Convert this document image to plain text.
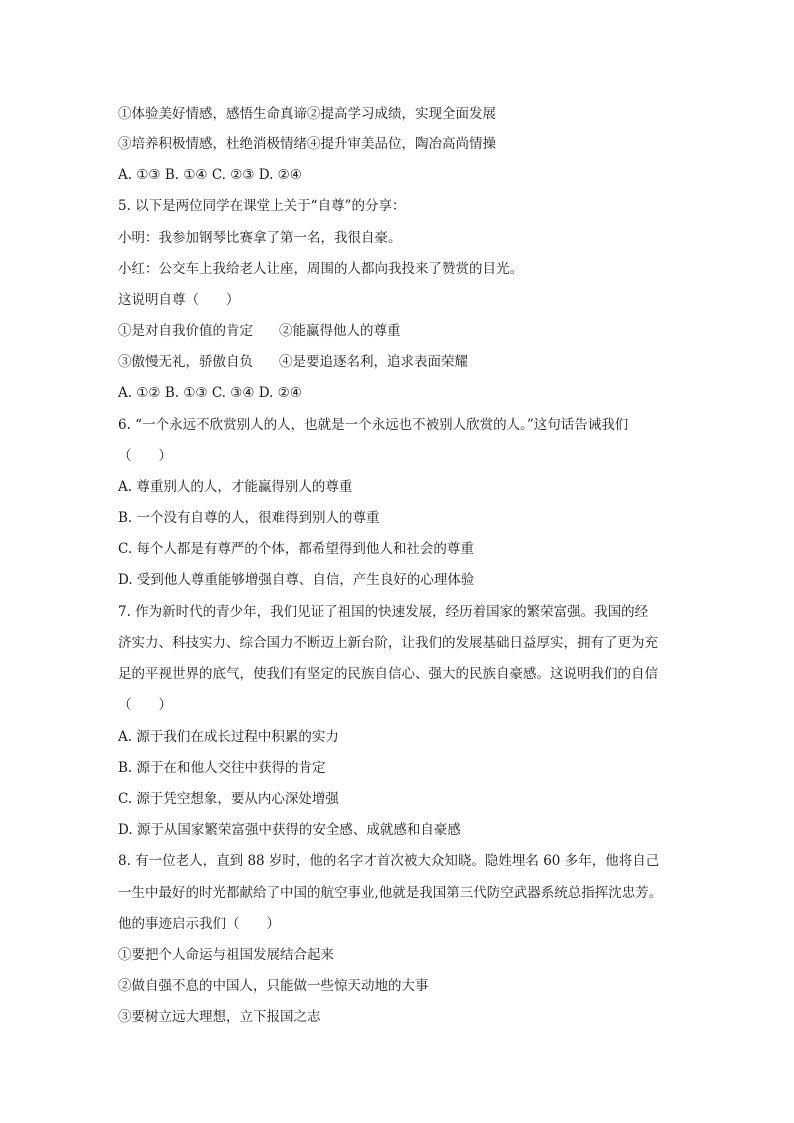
①体验美好情感，感悟生命真谛②提高学习成绩，实现全面发展
③培养积极情感，杜绝消极情绪④提升审美品位，陶冶高尚情操
A. ①③ B. ①④ C. ②③ D. ②④
5. 以下是两位同学在课堂上关于“自尊”的分享：
小明：我参加钢琴比赛拿了第一名，我很自豪。
小红：公交车上我给老人让座，周围的人都向我投来了赞赏的目光。
这说明自尊（　　）
①是对自我价值的肯定 ②能赢得他人的尊重
③傲慢无礼，骄傲自负 ④是要追逐名利，追求表面荣耀
A. ①② B. ①③ C. ③④ D. ②④
6. “一个永远不欣赏别人的人，也就是一个永远也不被别人欣赏的人。”这句话告诫我们
（　　）
A. 尊重别人的人，才能赢得别人的尊重
B. 一个没有自尊的人，很难得到别人的尊重
C. 每个人都是有尊严的个体，都希望得到他人和社会的尊重
D. 受到他人尊重能够增强自尊、自信，产生良好的心理体验
7. 作为新时代的青少年，我们见证了祖国的快速发展，经历着国家的繁荣富强。我国的经
济实力、科技实力、综合国力不断迈上新台阶，让我们的发展基础日益厚实，拥有了更为充
足的平视世界的底气，使我们有坚定的民族自信心、强大的民族自豪感。这说明我们的自信
（　　）
A. 源于我们在成长过程中积累的实力
B. 源于在和他人交往中获得的肯定
C. 源于凭空想象，要从内心深处增强
D. 源于从国家繁荣富强中获得的安全感、成就感和自豪感
8. 有一位老人，直到 88 岁时，他的名字才首次被大众知晓。隐姓埋名 60 多年，他将自己
一生中最好的时光都献给了中国的航空事业,他就是我国第三代防空武器系统总指挥沈忠芳。
他的事迹启示我们（　　）
①要把个人命运与祖国发展结合起来
②做自强不息的中国人，只能做一些惊天动地的大事
③要树立远大理想，立下报国之志
